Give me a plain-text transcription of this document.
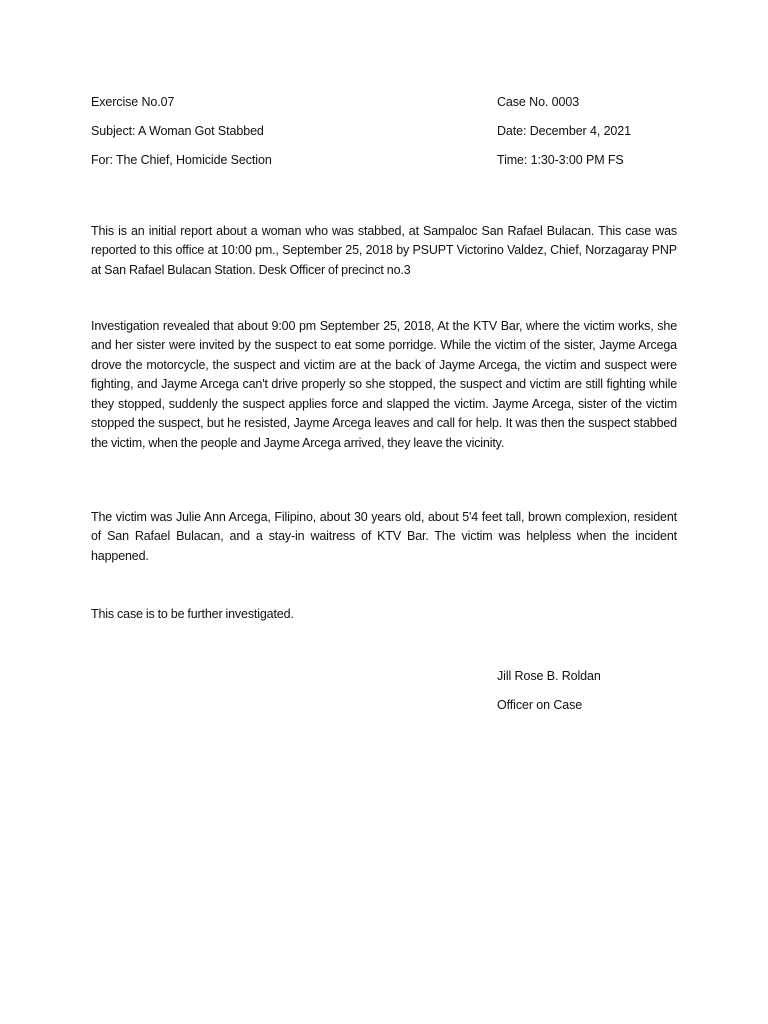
Exercise No.07
Subject: A Woman Got Stabbed
For: The Chief, Homicide Section
Case No. 0003
Date: December 4, 2021
Time: 1:30-3:00 PM FS

This is an initial report about a woman who was stabbed, at Sampaloc San Rafael Bulacan. This case was reported to this office at 10:00 pm., September 25, 2018 by PSUPT Victorino Valdez, Chief, Norzagaray PNP at San Rafael Bulacan Station. Desk Officer of precinct no.3

Investigation revealed that about 9:00 pm September 25, 2018, At the KTV Bar, where the victim works, she and her sister were invited by the suspect to eat some porridge. While the victim of the sister, Jayme Arcega drove the motorcycle, the suspect and victim are at the back of Jayme Arcega, the victim and suspect were fighting, and Jayme Arcega can't drive properly so she stopped, the suspect and victim are still fighting while they stopped, suddenly the suspect applies force and slapped the victim. Jayme Arcega, sister of the victim stopped the suspect, but he resisted, Jayme Arcega leaves and call for help. It was then the suspect stabbed the victim, when the people and Jayme Arcega arrived, they leave the vicinity.

The victim was Julie Ann Arcega, Filipino, about 30 years old, about 5'4 feet tall, brown complexion, resident of San Rafael Bulacan, and a stay-in waitress of KTV Bar. The victim was helpless when the incident happened.

This case is to be further investigated.

Jill Rose B. Roldan
Officer on Case
